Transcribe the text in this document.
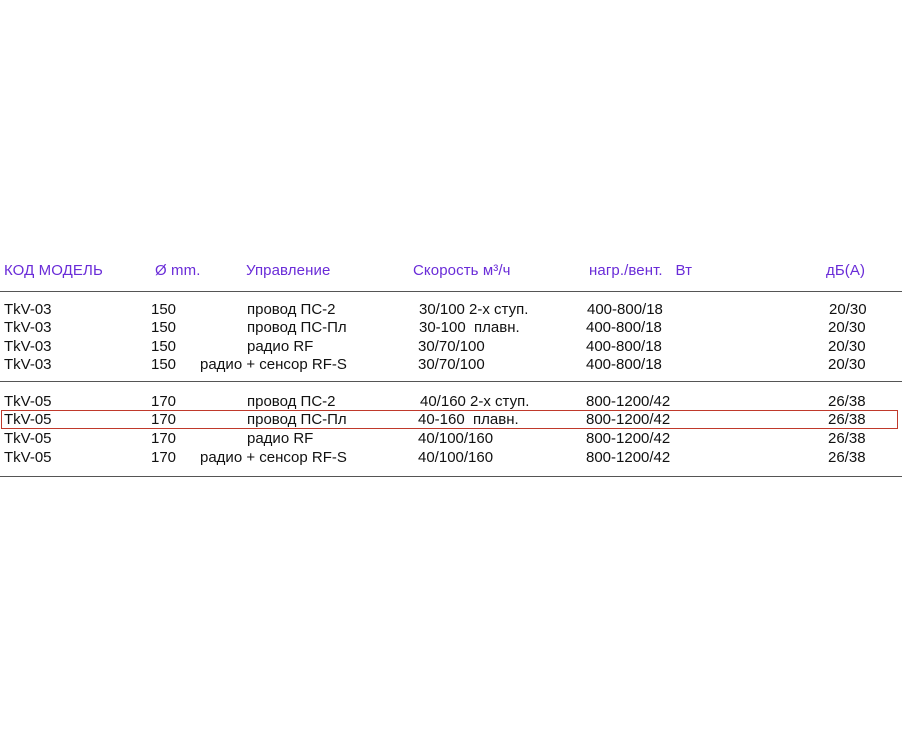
КОД МОДЕЛЬ	Ø mm.	Управление	Скорость м³/ч	нагр./вент.   Вт	дБ(А)
TkV-03	150	провод ПС-2	30/100 2-х ступ.	400-800/18	20/30
TkV-03	150	провод ПС-Пл	30-100  плавн.	400-800/18	20/30
TkV-03	150	радио RF	30/70/100	400-800/18	20/30
TkV-03	150 радио + сенсор RF-S	30/70/100	400-800/18	20/30
TkV-05	170	провод ПС-2	40/160 2-х ступ.	800-1200/42	26/38
TkV-05	170	провод ПС-Пл	40-160  плавн.	800-1200/42	26/38
TkV-05	170	радио RF	40/100/160	800-1200/42	26/38
TkV-05	170 радио + сенсор RF-S	40/100/160	800-1200/42	26/38
